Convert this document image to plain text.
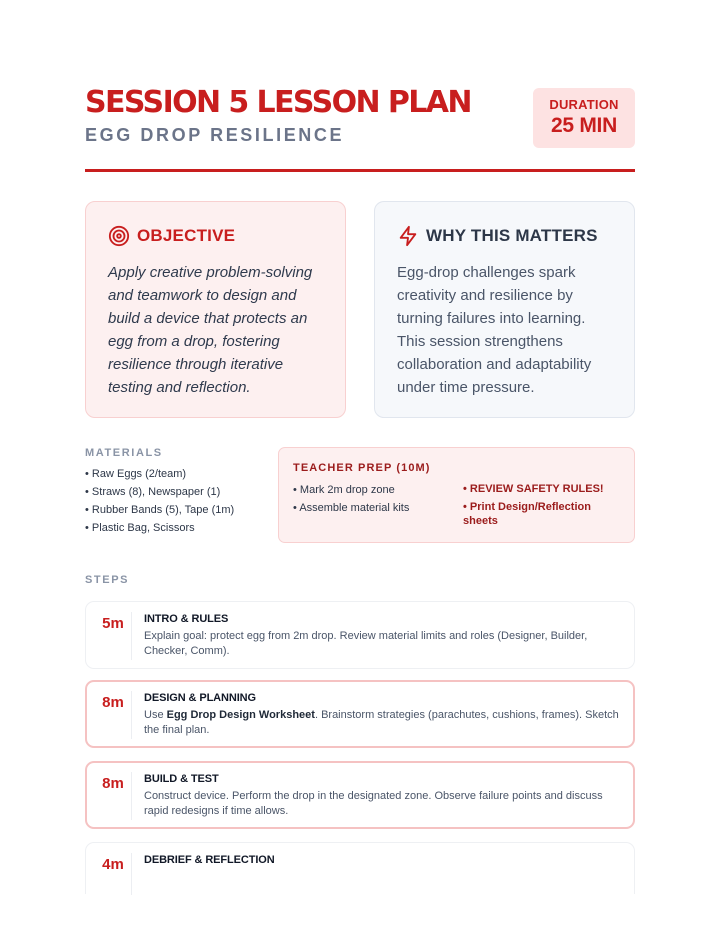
SESSION 5 LESSON PLAN
EGG DROP RESILIENCE
DURATION
25 MIN
OBJECTIVE
Apply creative problem-solving and teamwork to design and build a device that protects an egg from a drop, fostering resilience through iterative testing and reflection.
WHY THIS MATTERS
Egg-drop challenges spark creativity and resilience by turning failures into learning. This session strengthens collaboration and adaptability under time pressure.
MATERIALS
• Raw Eggs (2/team)
• Straws (8), Newspaper (1)
• Rubber Bands (5), Tape (1m)
• Plastic Bag, Scissors
TEACHER PREP (10M)
• Mark 2m drop zone
• Assemble material kits
• REVIEW SAFETY RULES!
• Print Design/Reflection sheets
STEPS
5m	INTRO & RULES
Explain goal: protect egg from 2m drop. Review material limits and roles (Designer, Builder, Checker, Comm).
8m	DESIGN & PLANNING
Use Egg Drop Design Worksheet. Brainstorm strategies (parachutes, cushions, frames). Sketch the final plan.
8m	BUILD & TEST
Construct device. Perform the drop in the designated zone. Observe failure points and discuss rapid redesigns if time allows.
4m	DEBRIEF & REFLECTION
